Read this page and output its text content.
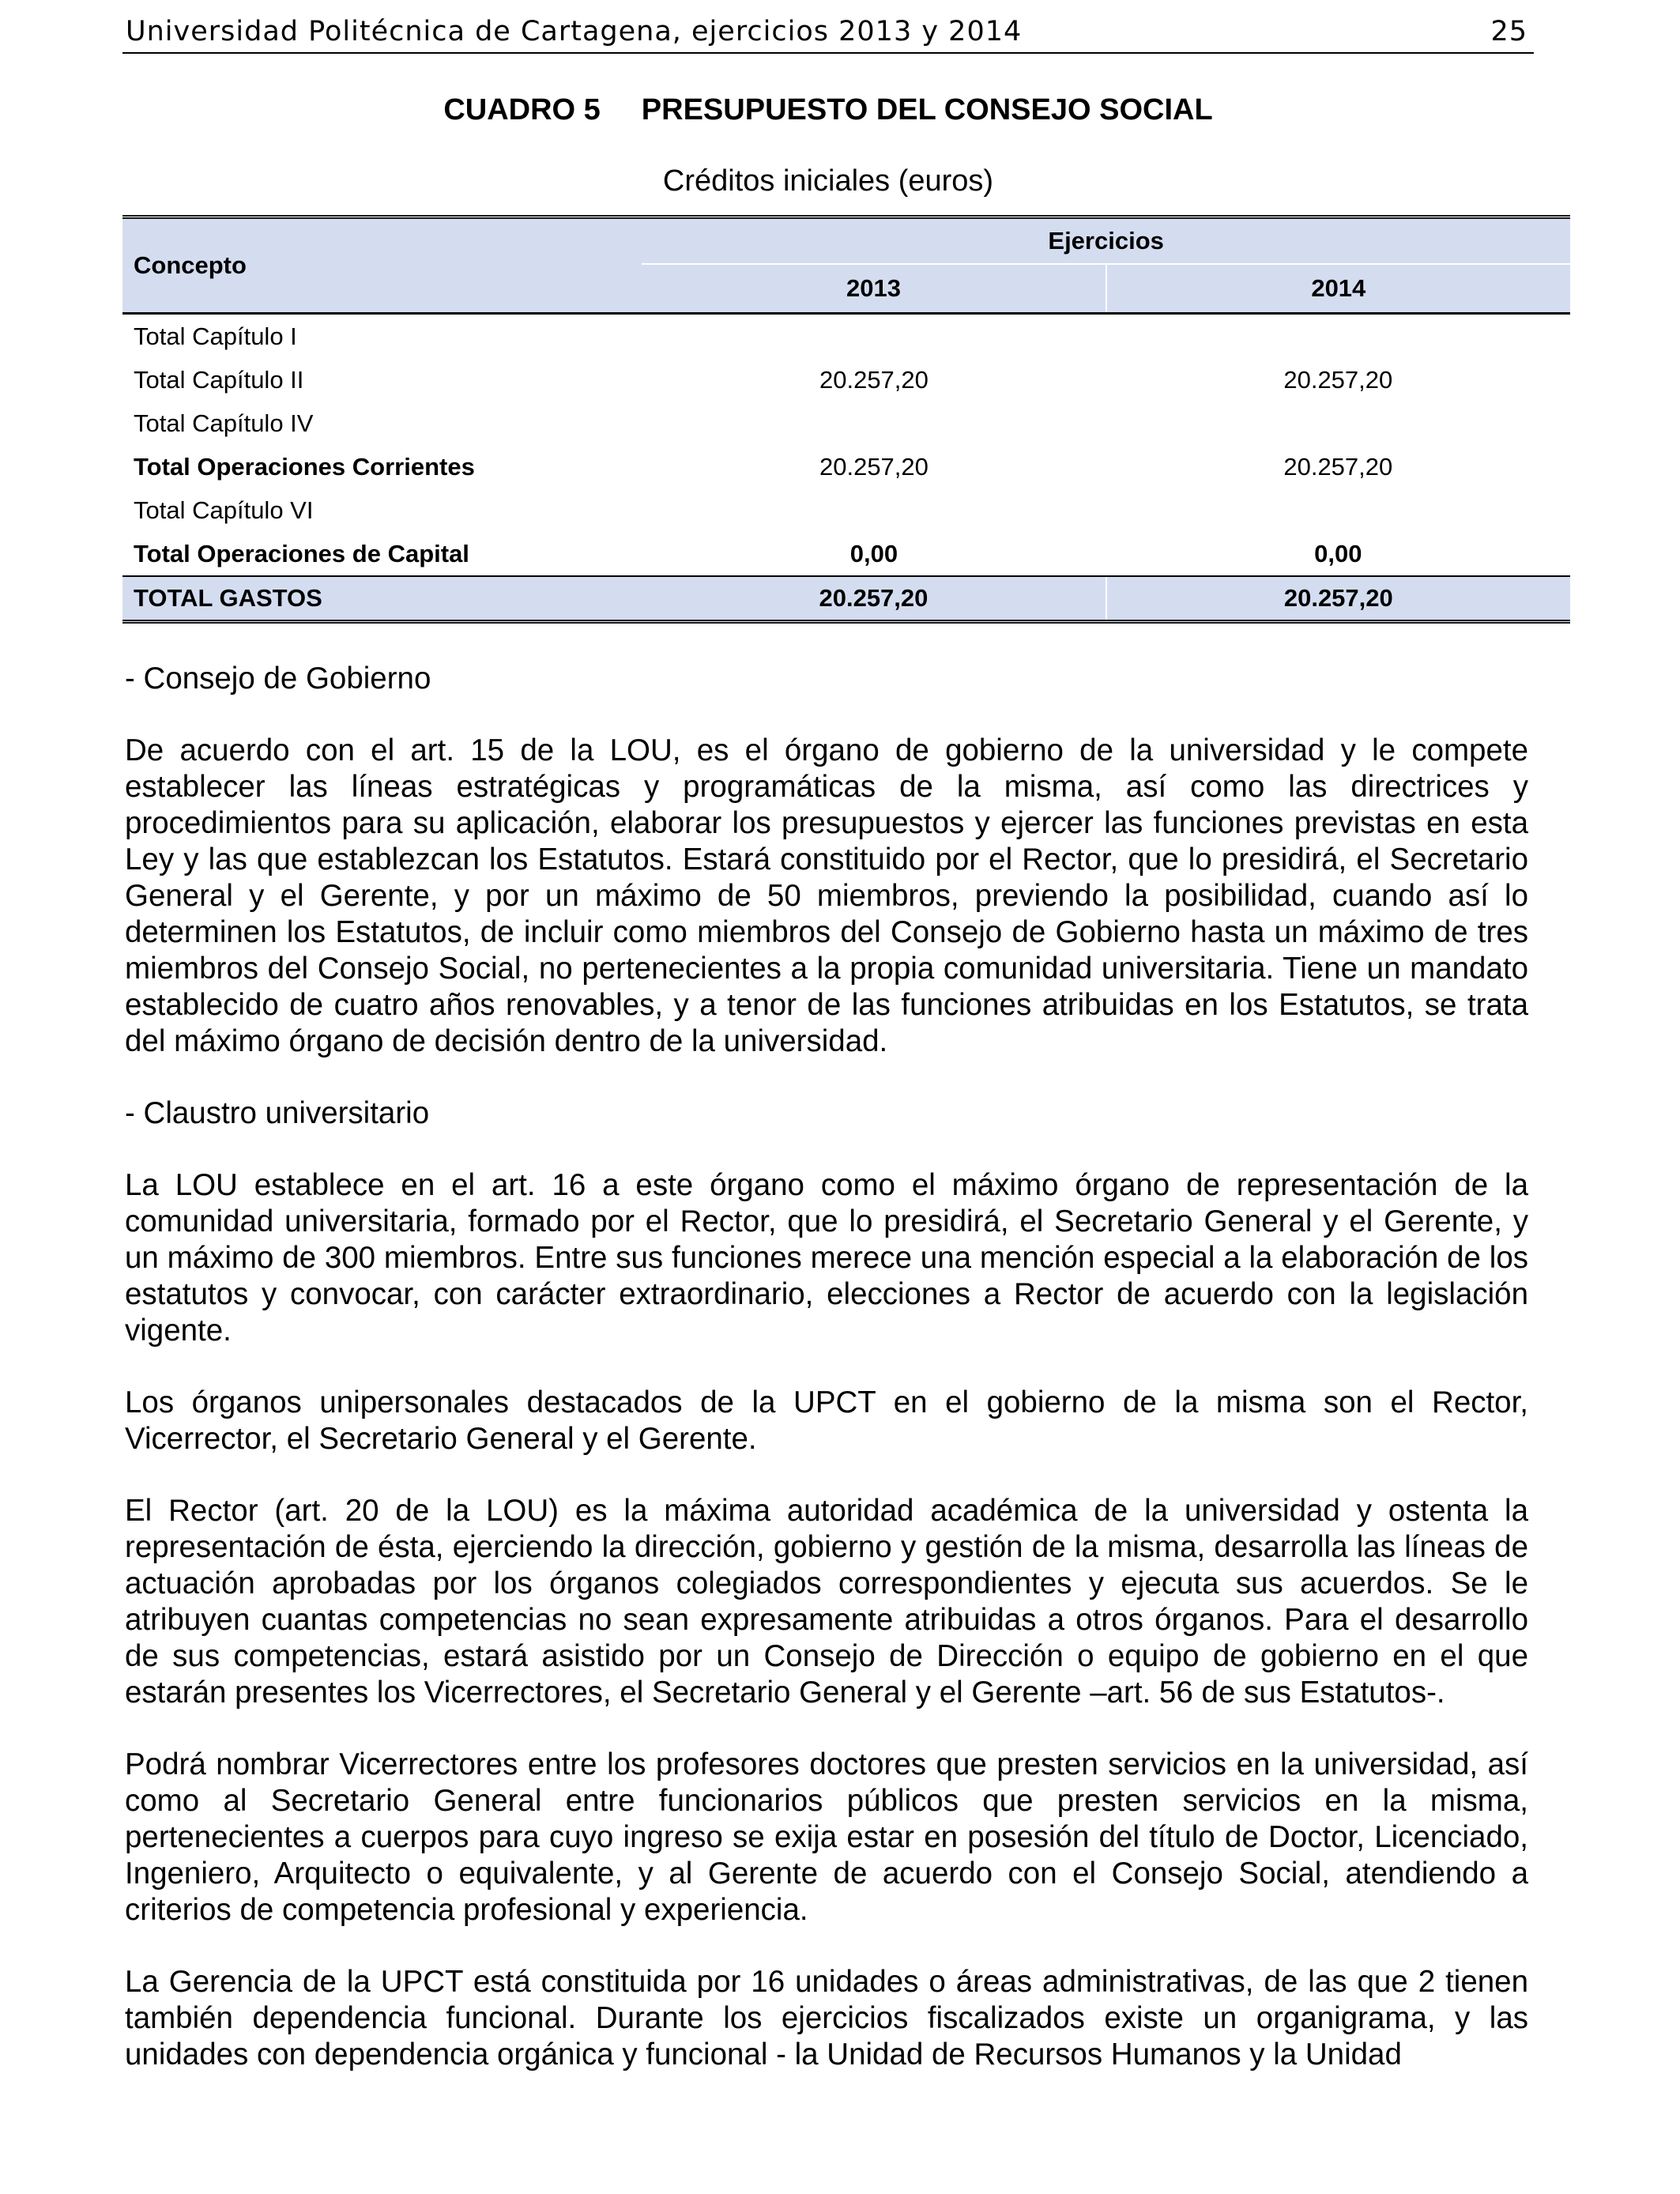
Universidad Politécnica de Cartagena, ejercicios 2013 y 2014	25
CUADRO 5 PRESUPUESTO DEL CONSEJO SOCIAL
Créditos iniciales (euros)
Concepto	Ejercicios	
	2013	2014
Total Capítulo I		
Total Capítulo II	20.257,20	20.257,20
Total Capítulo IV		
Total Operaciones Corrientes	20.257,20	20.257,20
Total Capítulo VI		
Total Operaciones de Capital	0,00	0,00
TOTAL GASTOS	20.257,20	20.257,20

- Consejo de Gobierno

De acuerdo con el art. 15 de la LOU, es el órgano de gobierno de la universidad y le compete establecer las líneas estratégicas y programáticas de la misma, así como las directrices y procedimientos para su aplicación, elaborar los presupuestos y ejercer las funciones previstas en esta Ley y las que establezcan los Estatutos. Estará constituido por el Rector, que lo presidirá, el Secretario General y el Gerente, y por un máximo de 50 miembros, previendo la posibilidad, cuando así lo determinen los Estatutos, de incluir como miembros del Consejo de Gobierno hasta un máximo de tres miembros del Consejo Social, no pertenecientes a la propia comunidad universitaria. Tiene un mandato establecido de cuatro años renovables, y a tenor de las funciones atribuidas en los Estatutos, se trata del máximo órgano de decisión dentro de la universidad.

- Claustro universitario

La LOU establece en el art. 16 a este órgano como el máximo órgano de representación de la comunidad universitaria, formado por el Rector, que lo presidirá, el Secretario General y el Gerente, y un máximo de 300 miembros. Entre sus funciones merece una mención especial a la elaboración de los estatutos y convocar, con carácter extraordinario, elecciones a Rector de acuerdo con la legislación vigente.

Los órganos unipersonales destacados de la UPCT en el gobierno de la misma son el Rector, Vicerrector, el Secretario General y el Gerente.

El Rector (art. 20 de la LOU) es la máxima autoridad académica de la universidad y ostenta la representación de ésta, ejerciendo la dirección, gobierno y gestión de la misma, desarrolla las líneas de actuación aprobadas por los órganos colegiados correspondientes y ejecuta sus acuerdos. Se le atribuyen cuantas competencias no sean expresamente atribuidas a otros órganos. Para el desarrollo de sus competencias, estará asistido por un Consejo de Dirección o equipo de gobierno en el que estarán presentes los Vicerrectores, el Secretario General y el Gerente –art. 56 de sus Estatutos-.

Podrá nombrar Vicerrectores entre los profesores doctores que presten servicios en la universidad, así como al Secretario General entre funcionarios públicos que presten servicios en la misma, pertenecientes a cuerpos para cuyo ingreso se exija estar en posesión del título de Doctor, Licenciado, Ingeniero, Arquitecto o equivalente, y al Gerente de acuerdo con el Consejo Social, atendiendo a criterios de competencia profesional y experiencia.

La Gerencia de la UPCT está constituida por 16 unidades o áreas administrativas, de las que 2 tienen también dependencia funcional. Durante los ejercicios fiscalizados existe un organigrama, y las unidades con dependencia orgánica y funcional - la Unidad de Recursos Humanos y la Unidad
